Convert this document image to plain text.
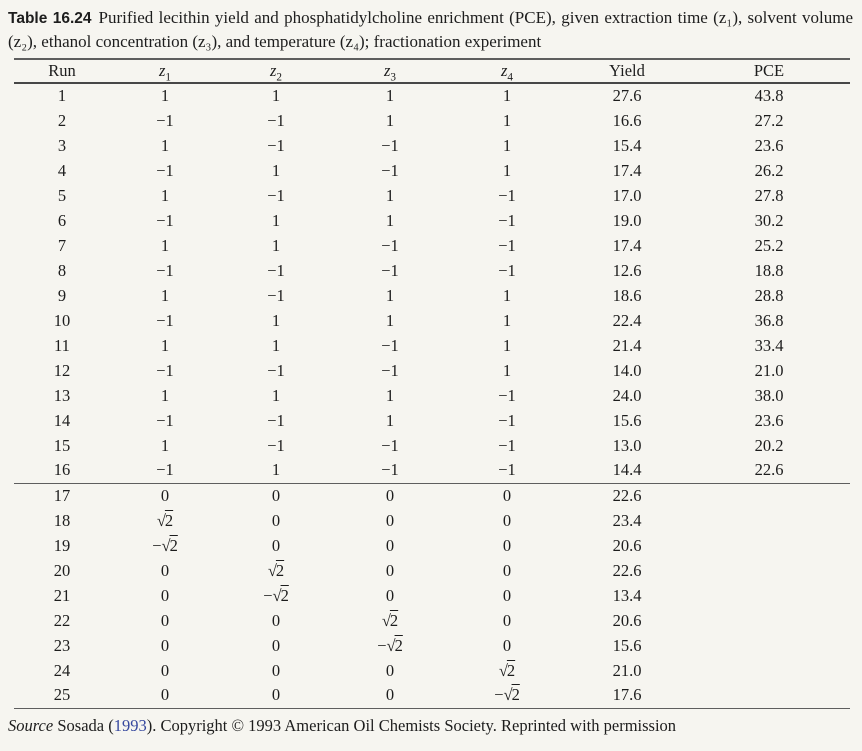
Table 16.24 Purified lecithin yield and phosphatidylcholine enrichment (PCE), given extraction time (z₁), solvent volume (z₂), ethanol concentration (z₃), and temperature (z₄); fractionation experiment

Run	$z_1$	$z_2$	$z_3$	$z_4$	Yield	PCE
1	1	1	1	1	27.6	43.8
2	−1	−1	1	1	16.6	27.2
3	1	−1	−1	1	15.4	23.6
4	−1	1	−1	1	17.4	26.2
5	1	−1	1	−1	17.0	27.8
6	−1	1	1	−1	19.0	30.2
7	1	1	−1	−1	17.4	25.2
8	−1	−1	−1	−1	12.6	18.8
9	1	−1	1	1	18.6	28.8
10	−1	1	1	1	22.4	36.8
11	1	1	−1	1	21.4	33.4
12	−1	−1	−1	1	14.0	21.0
13	1	1	1	−1	24.0	38.0
14	−1	−1	1	−1	15.6	23.6
15	1	−1	−1	−1	13.0	20.2
16	−1	1	−1	−1	14.4	22.6
17	0	0	0	0	22.6	
18	√2	0	0	0	23.4	
19	−√2	0	0	0	20.6	
20	0	√2	0	0	22.6	
21	0	−√2	0	0	13.4	
22	0	0	√2	0	20.6	
23	0	0	−√2	0	15.6	
24	0	0	0	√2	21.0	
25	0	0	0	−√2	17.6	

Source Sosada (1993). Copyright © 1993 American Oil Chemists Society. Reprinted with permission
